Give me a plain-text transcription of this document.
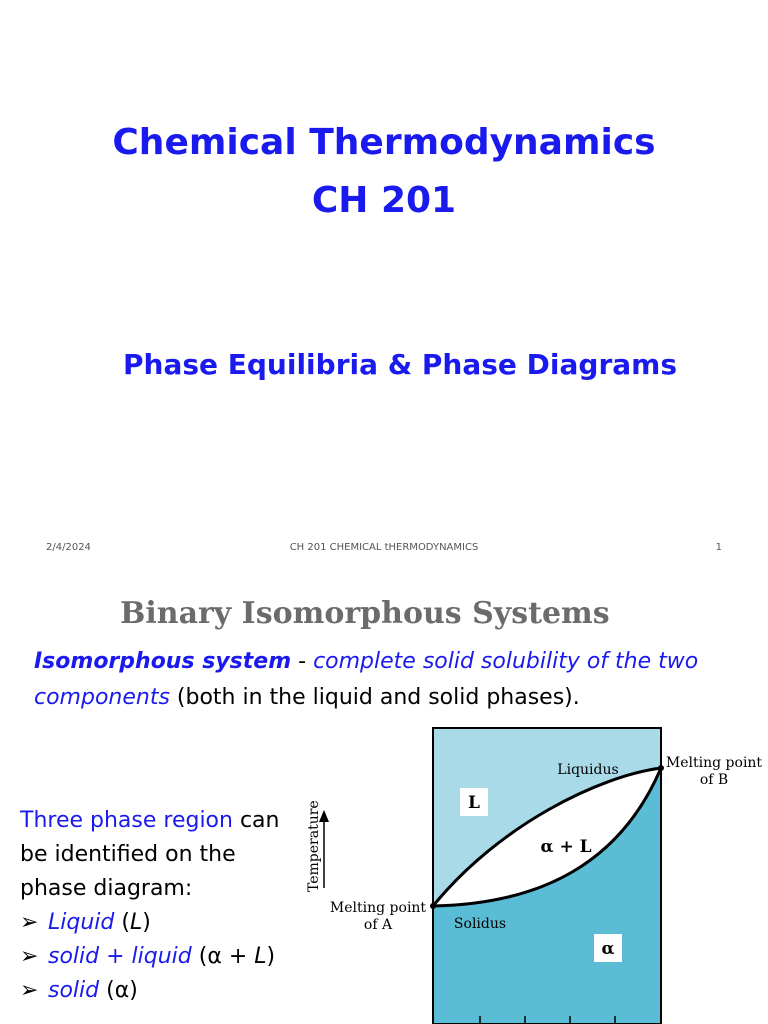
Chemical Thermodynamics
CH 201
Phase Equilibria & Phase Diagrams
2/4/2024	CH 201 CHEMICAL tHERMODYNAMICS	1
Binary Isomorphous Systems
Isomorphous system - complete solid solubility of the two components (both in the liquid and solid phases).
Three phase region can be identified on the phase diagram:
➢ Liquid (L)
➢ solid + liquid (α + L)
➢ solid (α)
L
α + L
α
Liquidus
Solidus
Melting point
of B
Melting point
of A
Temperature
